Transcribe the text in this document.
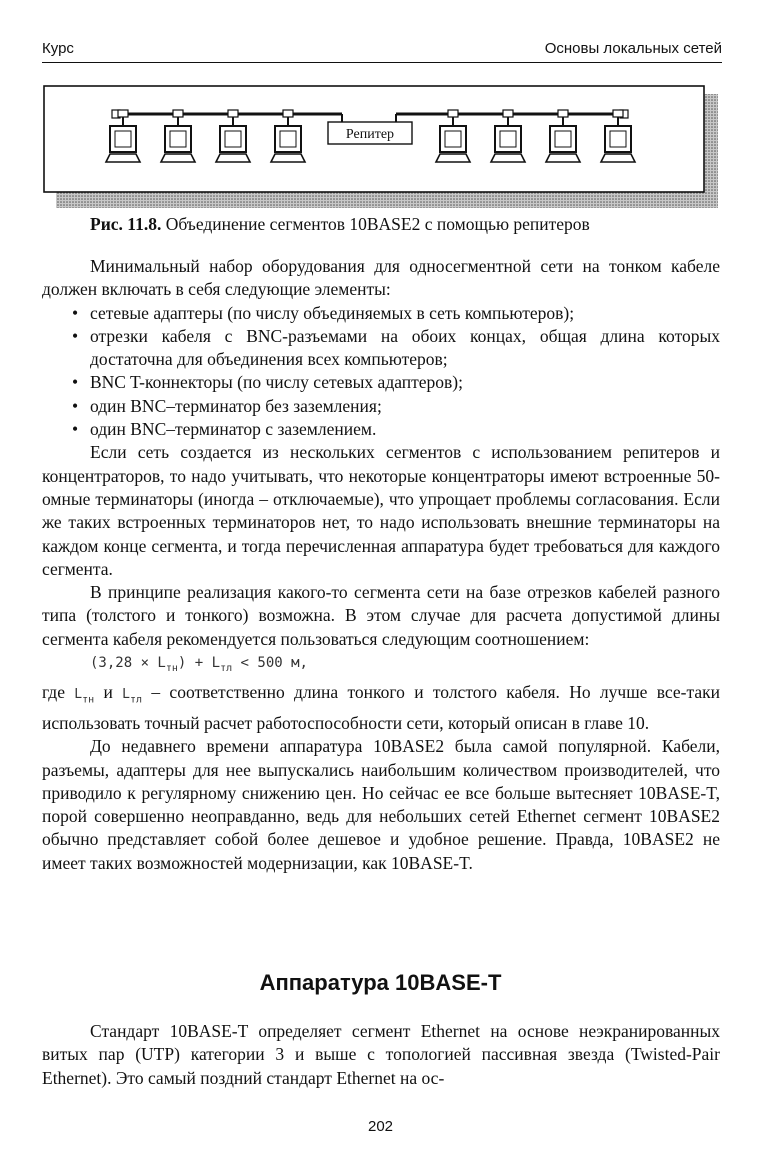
Курс	Основы локальных сетей
Репитер
Рис. 11.8. Объединение сегментов 10BASE2 с помощью репитеров

Минимальный набор оборудования для односегментной сети на тонком кабеле должен включать в себя следующие элементы:

• сетевые адаптеры (по числу объединяемых в сеть компьютеров);
• отрезки кабеля с BNC-разъемами на обоих концах, общая длина которых достаточна для объединения всех компьютеров;
• BNC T-коннекторы (по числу сетевых адаптеров);
• один BNC–терминатор без заземления;
• один BNC–терминатор с заземлением.

Если сеть создается из нескольких сегментов с использованием репитеров и концентраторов, то надо учитывать, что некоторые концентраторы имеют встроенные 50-омные терминаторы (иногда – отключаемые), что упрощает проблемы согласования. Если же таких встроенных терминаторов нет, то надо использовать внешние терминаторы на каждом конце сегмента, и тогда перечисленная аппаратура будет требоваться для каждого сегмента.

В принципе реализация какого-то сегмента сети на базе отрезков кабелей разного типа (толстого и тонкого) возможна. В этом случае для расчета допустимой длины сегмента кабеля рекомендуется пользоваться следующим соотношением:

$(3,28 \times L_{тн}) + L_{тл} < 500$ м,
где $L_{тн}$ и $L_{тл}$ – соответственно длина тонкого и толстого кабеля. Но лучше все-таки использовать точный расчет работоспособности сети, который описан в главе 10.

До недавнего времени аппаратура 10BASE2 была самой популярной. Кабели, разъемы, адаптеры для нее выпускались наибольшим количеством производителей, что приводило к регулярному снижению цен. Но сейчас ее все больше вытесняет 10BASE-T, порой совершенно неоправданно, ведь для небольших сетей Ethernet сегмент 10BASE2 обычно представляет собой более дешевое и удобное решение. Правда, 10BASE2 не имеет таких возможностей модернизации, как 10BASE-T.

Аппаратура 10BASE-T

Стандарт 10BASE-T определяет сегмент Ethernet на основе неэкранированных витых пар (UTP) категории 3 и выше с топологией пассивная звезда (Twisted-Pair Ethernet). Это самый поздний стандарт Ethernet на ос-

202
